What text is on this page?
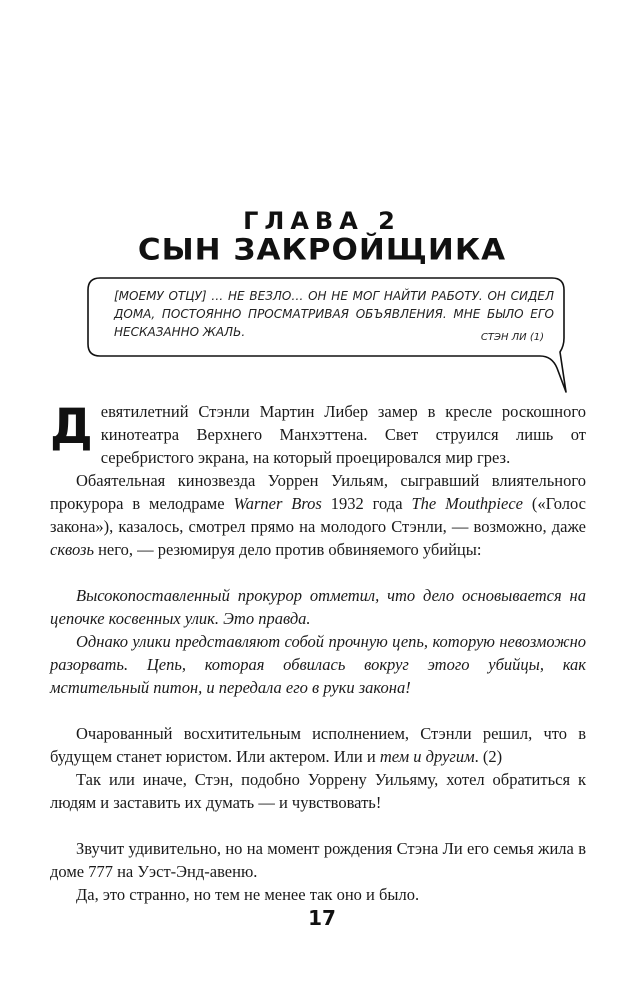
ГЛАВА 2
СЫН ЗАКРОЙЩИКА
[МОЕМУ ОТЦУ] … НЕ ВЕЗЛО… ОН НЕ МОГ НАЙТИ РАБОТУ. ОН СИДЕЛ ДОМА, ПОСТОЯННО ПРОСМАТРИВАЯ ОБЪЯВЛЕНИЯ. МНЕ БЫЛО ЕГО НЕСКАЗАННО ЖАЛЬ.	СТЭН ЛИ (1)

Девятилетний Стэнли Мартин Либер замер в кресле роскошного кинотеатра Верхнего Манхэттена. Свет струился лишь от серебристого экрана, на который проецировался мир грез.

Обаятельная кинозвезда Уоррен Уильям, сыгравший влиятельного прокурора в мелодраме Warner Bros 1932 года The Mouthpiece («Голос закона»), казалось, смотрел прямо на молодого Стэнли, — возможно, даже сквозь него, — резюмируя дело против обвиняемого убийцы:

Высокопоставленный прокурор отметил, что дело основывается на цепочке косвенных улик. Это правда.

Однако улики представляют собой прочную цепь, которую невозможно разорвать. Цепь, которая обвилась вокруг этого убийцы, как мстительный питон, и передала его в руки закона!

Очарованный восхитительным исполнением, Стэнли решил, что в будущем станет юристом. Или актером. Или и тем и другим. (2)

Так или иначе, Стэн, подобно Уоррену Уильяму, хотел обратиться к людям и заставить их думать — и чувствовать!

Звучит удивительно, но на момент рождения Стэна Ли его семья жила в доме 777 на Уэст-Энд-авеню.

Да, это странно, но тем не менее так оно и было.

17
